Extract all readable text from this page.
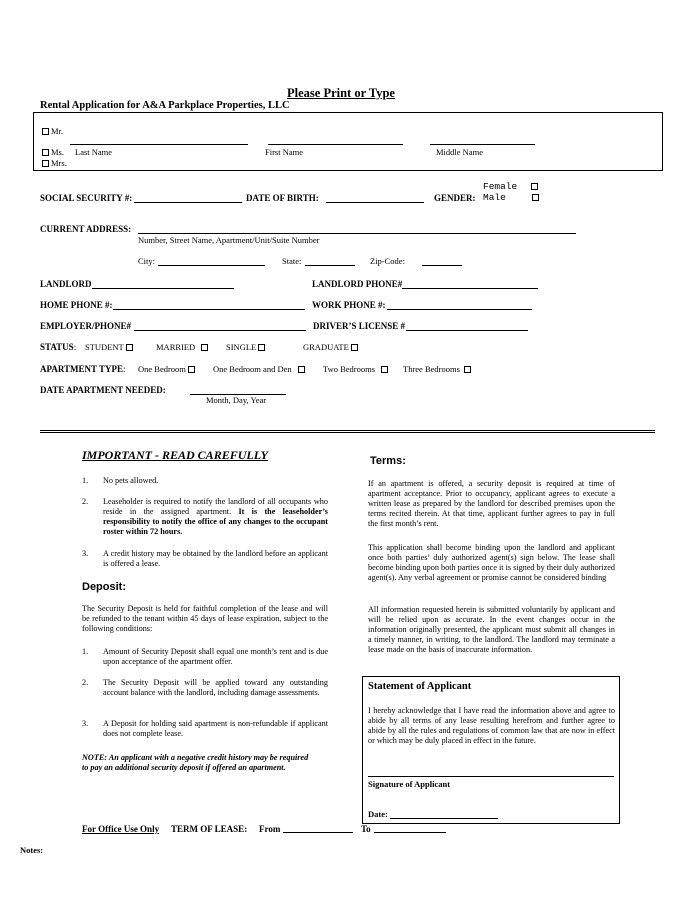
Please Print or Type
Rental Application for A&A Parkplace Properties, LLC
Mr.
Ms.
Mrs.
Last Name	First Name	Middle Name
SOCIAL SECURITY #:	DATE OF BIRTH:	GENDER:
Female
Male
CURRENT ADDRESS:
Number, Street Name, Apartment/Unit/Suite Number
City:	State:	Zip-Code:
LANDLORD	LANDLORD PHONE#
HOME PHONE #:	WORK PHONE #:
EMPLOYER/PHONE#	DRIVER’S LICENSE #
STATUS: STUDENT	MARRIED	SINGLE	GRADUATE
APARTMENT TYPE: One Bedroom	One Bedroom and Den	Two Bedrooms	Three Bedrooms
DATE APARTMENT NEEDED:
Month, Day, Year
IMPORTANT - READ CAREFULLY
1. No pets allowed.
2. Leaseholder is required to notify the landlord of all occupants who reside in the assigned apartment. It is the leaseholder’s responsibility to notify the office of any changes to the occupant roster within 72 hours.
3. A credit history may be obtained by the landlord before an applicant is offered a lease.
Deposit:
The Security Deposit is held for faithful completion of the lease and will be refunded to the tenant within 45 days of lease expiration, subject to the following conditions:
1. Amount of Security Deposit shall equal one month’s rent and is due upon acceptance of the apartment offer.
2. The Security Deposit will be applied toward any outstanding account balance with the landlord, including damage assessments.
3. A Deposit for holding said apartment is non-refundable if applicant does not complete lease.
NOTE: An applicant with a negative credit history may be required to pay an additional security deposit if offered an apartment.
Terms:
If an apartment is offered, a security deposit is required at time of apartment acceptance. Prior to occupancy, applicant agrees to execute a written lease as prepared by the landlord for described premises upon the terms recited therein. At that time, applicant further agrees to pay in full the first month’s rent.
This application shall become binding upon the landlord and applicant once both parties’ duly authorized agent(s) sign below. The lease shall become binding upon both parties once it is signed by their duly authorized agent(s). Any verbal agreement or promise cannot be considered binding
All information requested herein is submitted voluntarily by applicant and will be relied upon as accurate. In the event changes occur in the information originally presented, the applicant must submit all changes in a timely manner, in writing, to the landlord. The landlord may terminate a lease made on the basis of inaccurate information.
Statement of Applicant
I hereby acknowledge that I have read the information above and agree to abide by all terms of any lease resulting herefrom and further agree to abide by all the rules and regulations of common law that are now in effect or which may be duly placed in effect in the future.
Signature of Applicant
Date:
For Office Use Only TERM OF LEASE: From	To
Notes:
